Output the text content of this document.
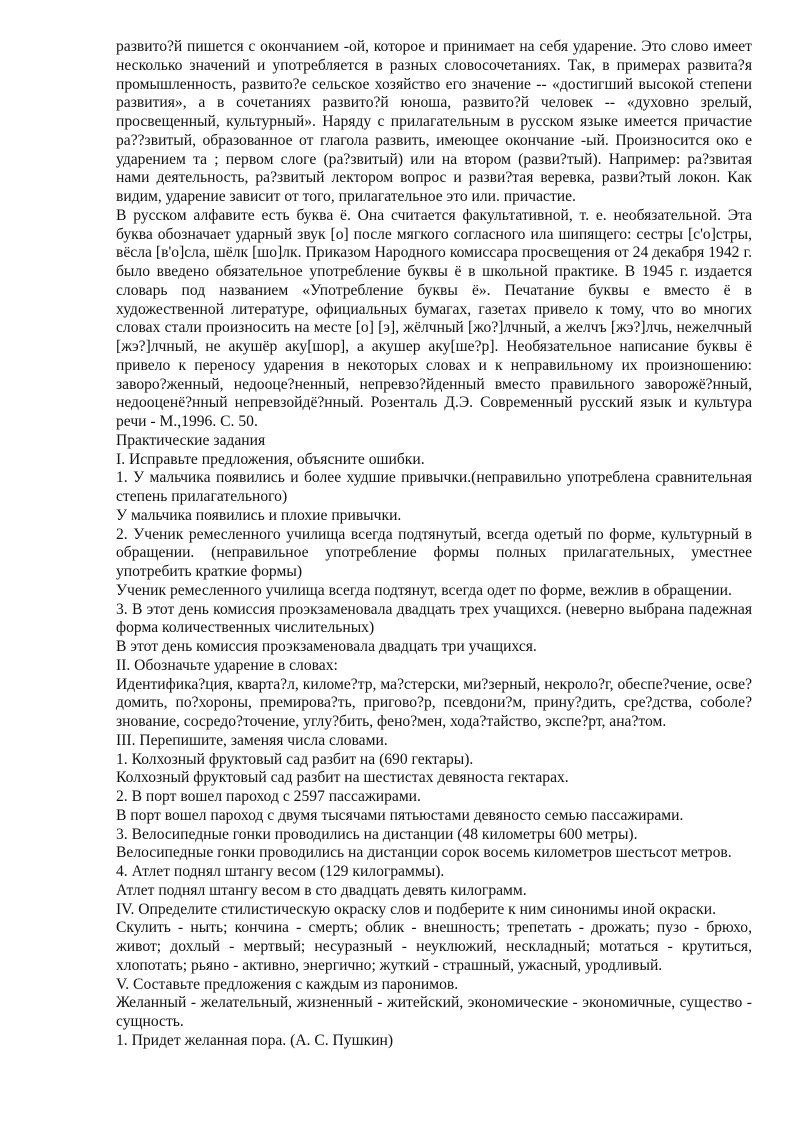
развито?й пишется с окончанием -ой, которое и принимает на себя ударение. Это слово имеет несколько значений и употребляется в разных словосочетаниях. Так, в примерах развита?я промышленность, развито?е сельское хозяйство его значение -- «достигший высокой степени развития», а в сочетаниях развито?й юноша, развито?й человек -- «духовно зрелый, просвещенный, культурный». Наряду с прилагательным в русском языке имеется причастие ра??звитый, образованное от глагола развить, имеющее окончание -ый. Произносится око е ударением та ; первом слоге (ра?звитый) или на втором (разви?тый). Например: ра?звитая нами деятельность, ра?звитый лектором вопрос и разви?тая веревка, разви?тый локон. Как видим, ударение зависит от того, прилагательное это или. причастие.

В русском алфавите есть буква ё. Она считается факультативной, т. е. необязательной. Эта буква обозначает ударный звук [о] после мягкого согласного ила шипящего: сестры [с'о]стры, вёсла [в'о]сла, шёлк [шо]лк. Приказом Народного комиссара просвещения от 24 декабря 1942 г. было введено обязательное употребление буквы ё в школьной практике. В 1945 г. издается словарь под названием «Употребление буквы ё». Печатание буквы е вместо ё в художественной литературе, официальных бумагах, газетах привело к тому, что во многих словах стали произносить на месте [о] [э], жёлчный [жо?]лчный, а желчъ [жэ?]лчь, нежелчный [жэ?]лчный, не акушёр аку[шор], а акушер аку[ше?р]. Необязательное написание буквы ё привело к переносу ударения в некоторых словах и к неправильному их произношению: заворо?женный, недооце?ненный, непревзо?йденный вместо правильного заворожё?нный, недооценё?нный непревзойдё?нный. Розенталь Д.Э. Современный русский язык и культура речи - М.,1996. С. 50.

Практические задания

I. Исправьте предложения, объясните ошибки.

1. У мальчика появились и более худшие привычки.(неправильно употреблена сравнительная степень прилагательного)

У мальчика появились и плохие привычки.

2. Ученик ремесленного училища всегда подтянутый, всегда одетый по форме, культурный в обращении. (неправильное употребление формы полных прилагательных, уместнее употребить краткие формы)

Ученик ремесленного училища всегда подтянут, всегда одет по форме, вежлив в обращении.

3. В этот день комиссия проэкзаменовала двадцать трех учащихся. (неверно выбрана падежная форма количественных числительных)

В этот день комиссия проэкзаменовала двадцать три учащихся.

II. Обозначьте ударение в словах:

Идентифика?ция, кварта?л, киломе?тр, ма?стерски, ми?зерный, некроло?г, обеспе?чение, осве?домить, по?хороны, премирова?ть, пригово?р, псевдони?м, прину?дить, сре?дства, соболе?знование, сосредо?точение, углу?бить, фено?мен, хода?тайство, экспе?рт, ана?том.

III. Перепишите, заменяя числа словами.

1. Колхозный фруктовый сад разбит на (690 гектары).

Колхозный фруктовый сад разбит на шестистах девяноста гектарах.

2. В порт вошел пароход с 2597 пассажирами.

В порт вошел пароход с двумя тысячами пятьюстами девяносто семью пассажирами.

3. Велосипедные гонки проводились на дистанции (48 километры 600 метры).

Велосипедные гонки проводились на дистанции сорок восемь километров шестьсот метров.

4. Атлет поднял штангу весом (129 килограммы).

Атлет поднял штангу весом в сто двадцать девять килограмм.

IV. Определите стилистическую окраску слов и подберите к ним синонимы иной окраски.

Скулить - ныть; кончина - смерть; облик - внешность; трепетать - дрожать; пузо - брюхо, живот; дохлый - мертвый; несуразный - неуклюжий, нескладный; мотаться - крутиться, хлопотать; рьяно - активно, энергично; жуткий - страшный, ужасный, уродливый.

V. Составьте предложения с каждым из паронимов.

Желанный - желательный, жизненный - житейский, экономические - экономичные, существо - сущность.

1. Придет желанная пора. (А. С. Пушкин)
